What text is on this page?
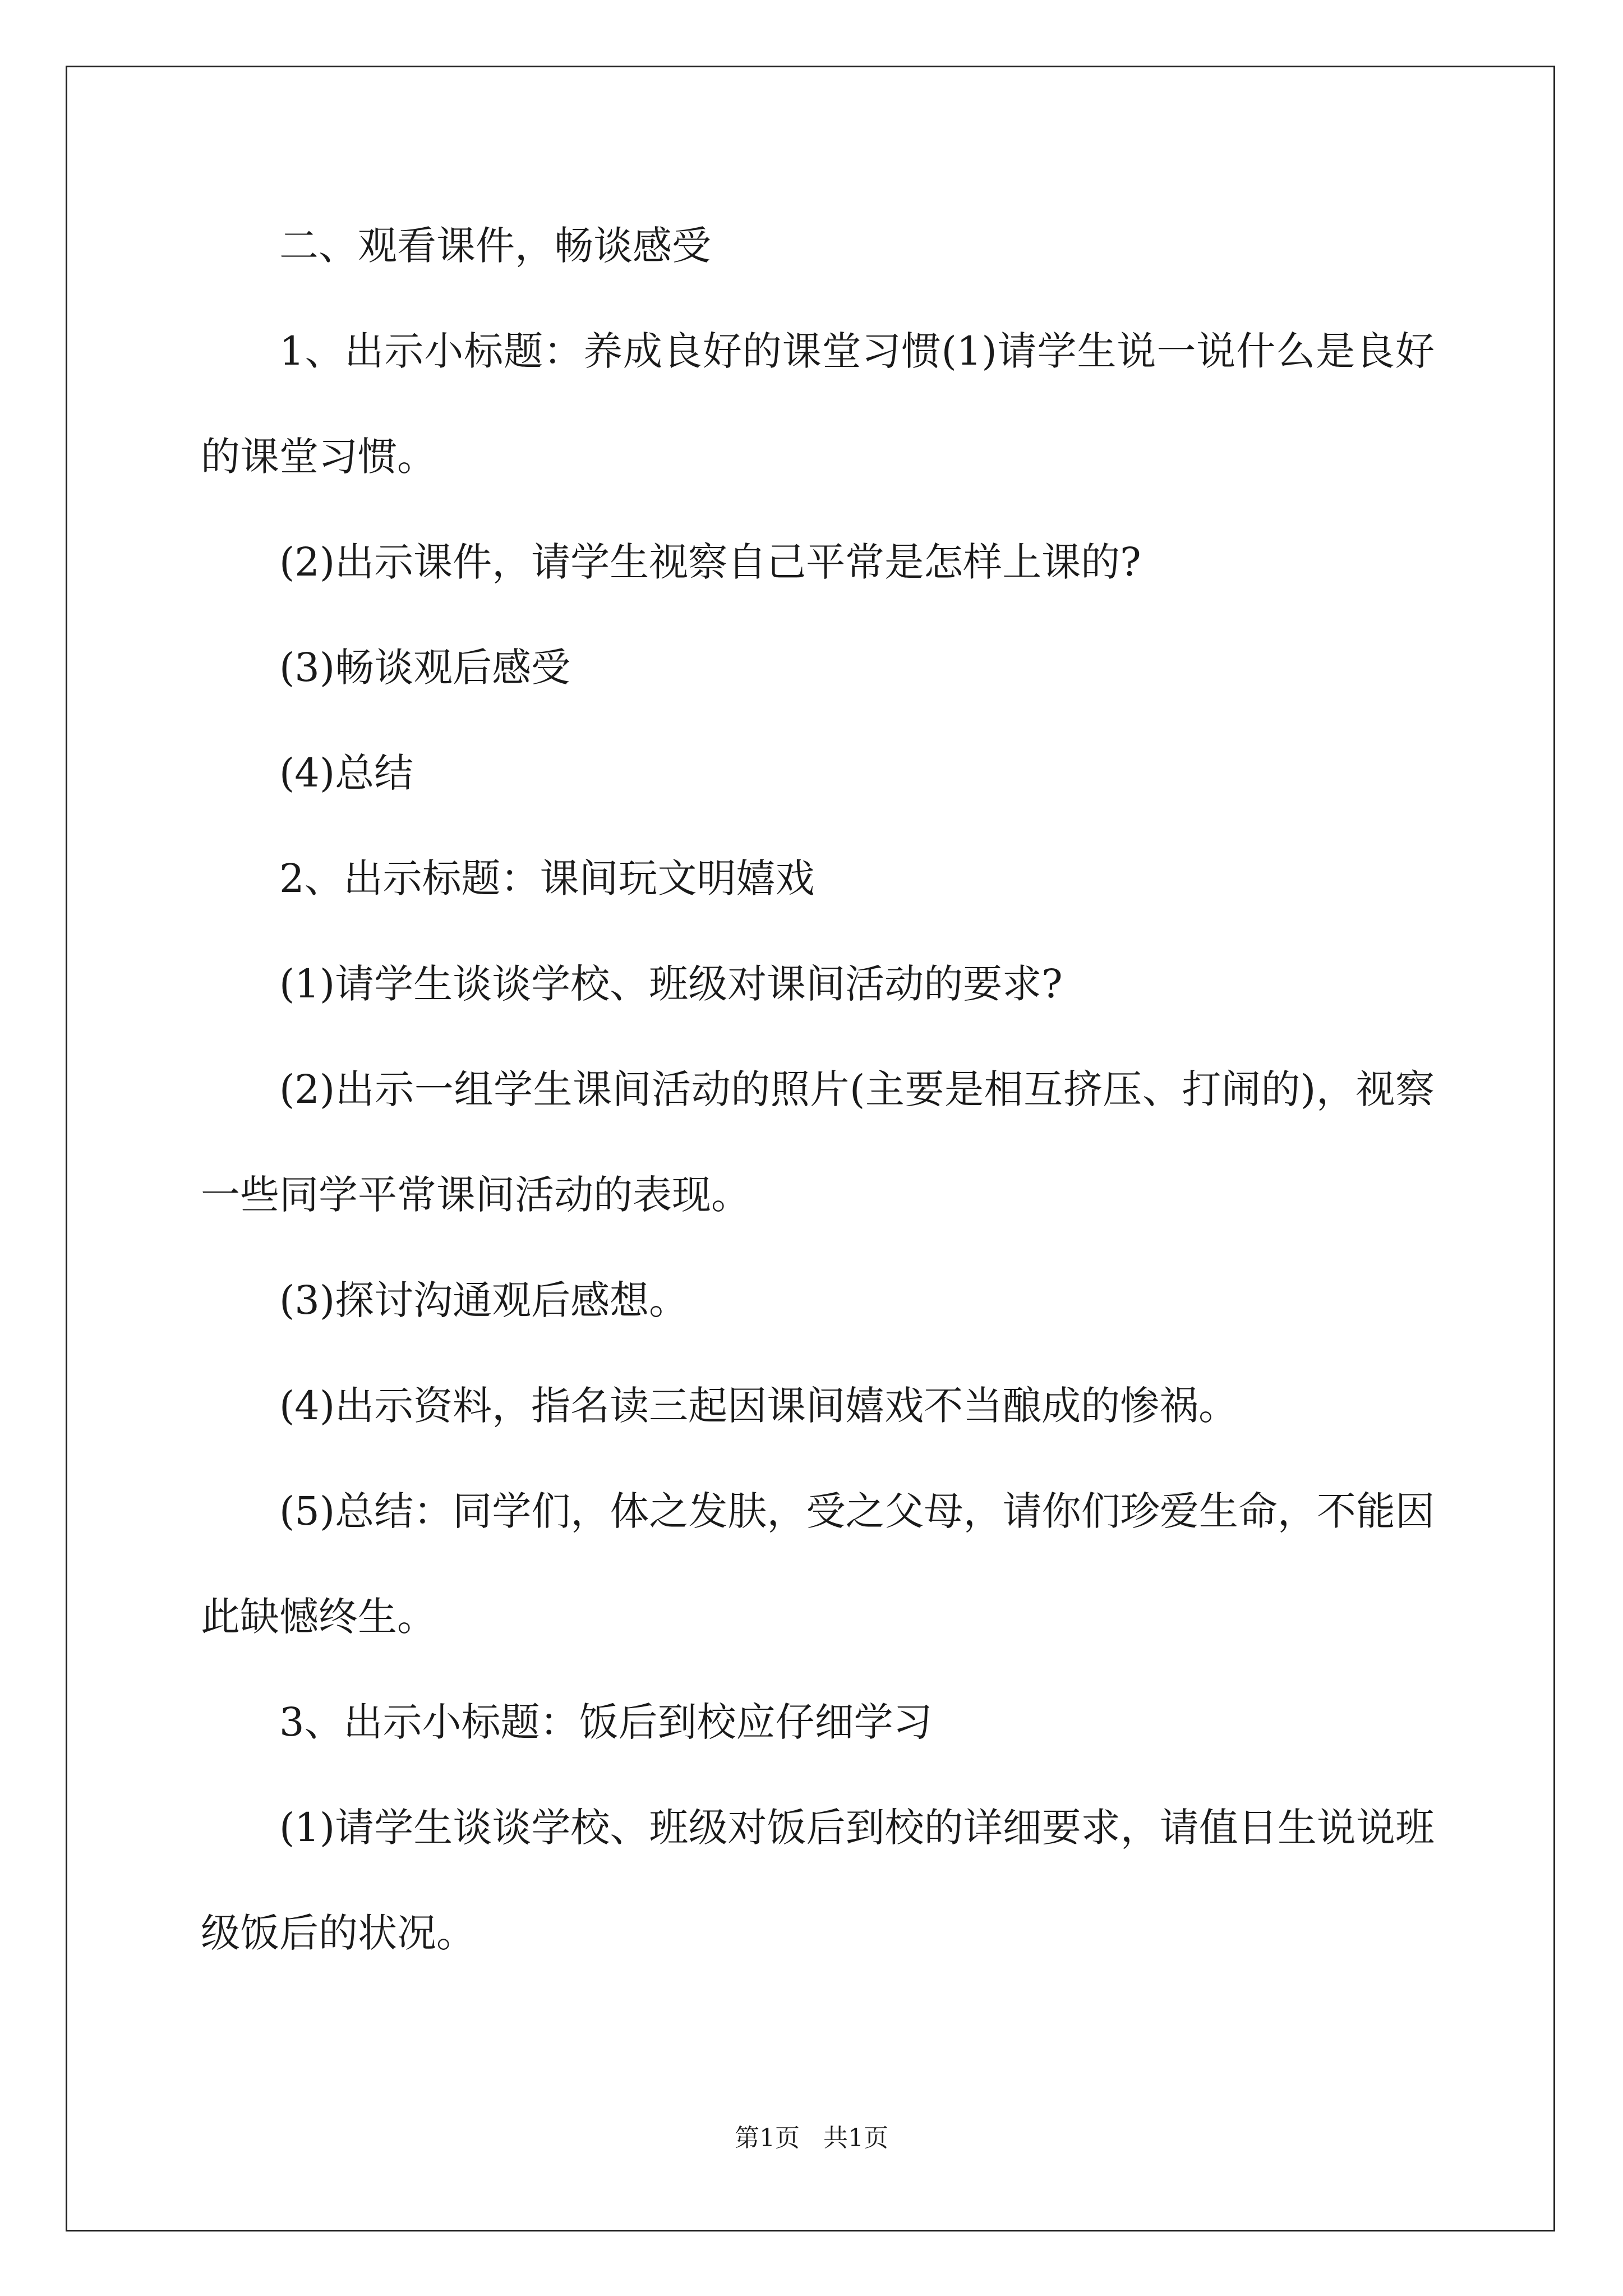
二、观看课件，畅谈感受

1、出示小标题：养成良好的课堂习惯(1)请学生说一说什么是良好的课堂习惯。

(2)出示课件，请学生视察自己平常是怎样上课的?

(3)畅谈观后感受

(4)总结

2、出示标题：课间玩文明嬉戏

(1)请学生谈谈学校、班级对课间活动的要求?

(2)出示一组学生课间活动的照片(主要是相互挤压、打闹的)，视察一些同学平常课间活动的表现。

(3)探讨沟通观后感想。

(4)出示资料，指名读三起因课间嬉戏不当酿成的惨祸。

(5)总结：同学们，体之发肤，受之父母，请你们珍爱生命，不能因此缺憾终生。

3、出示小标题：饭后到校应仔细学习

(1)请学生谈谈学校、班级对饭后到校的详细要求，请值日生说说班级饭后的状况。

第1页 共1页
